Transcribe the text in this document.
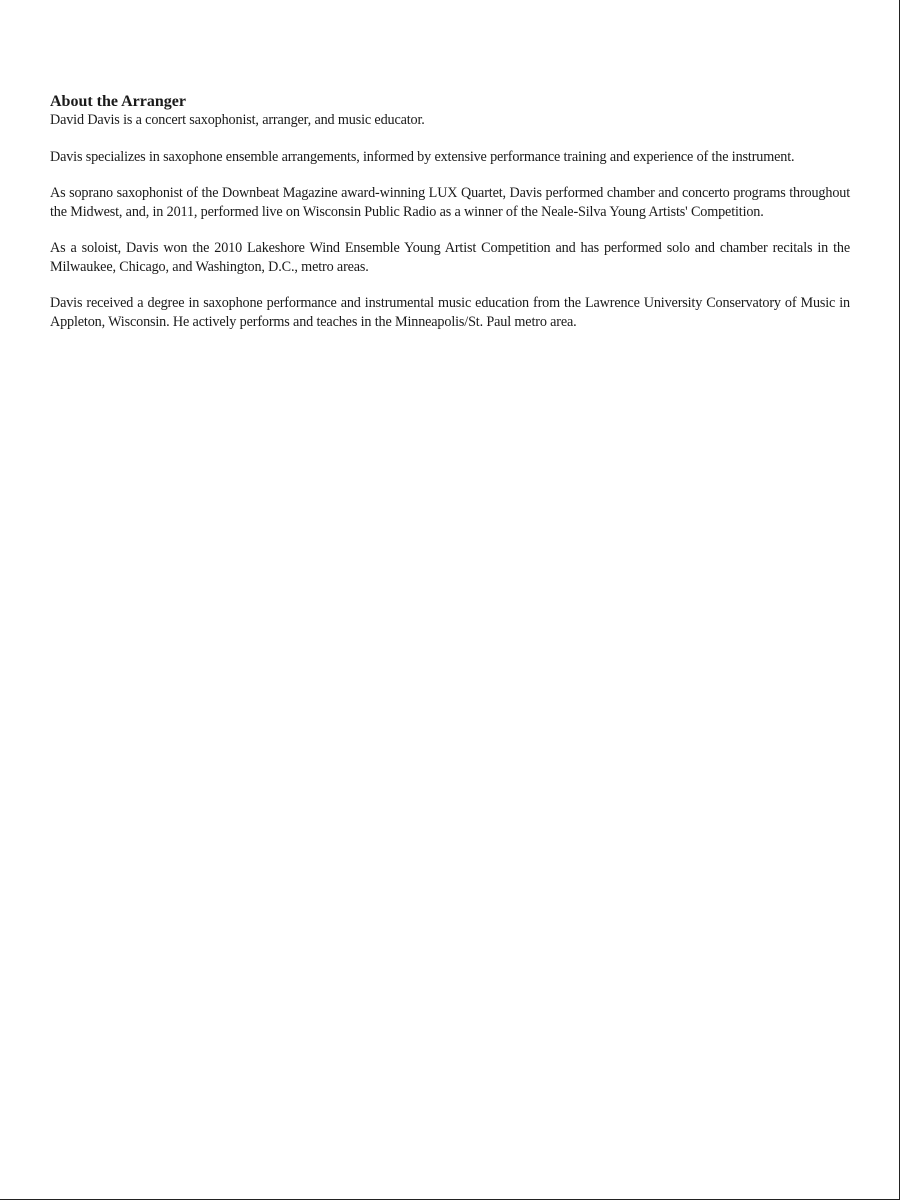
About the Arranger

David Davis is a concert saxophonist, arranger, and music educator.

Davis specializes in saxophone ensemble arrangements, informed by extensive performance training and experience of the instrument.

As soprano saxophonist of the Downbeat Magazine award-winning LUX Quartet, Davis performed chamber and concerto programs throughout the Midwest, and, in 2011, performed live on Wisconsin Public Radio as a winner of the Neale-Silva Young Artists' Competition.

As a soloist, Davis won the 2010 Lakeshore Wind Ensemble Young Artist Competition and has performed solo and chamber recitals in the Milwaukee, Chicago, and Washington, D.C., metro areas.

Davis received a degree in saxophone performance and instrumental music education from the Lawrence University Conservatory of Music in Appleton, Wisconsin. He actively performs and teaches in the Minneapolis/St. Paul metro area.
